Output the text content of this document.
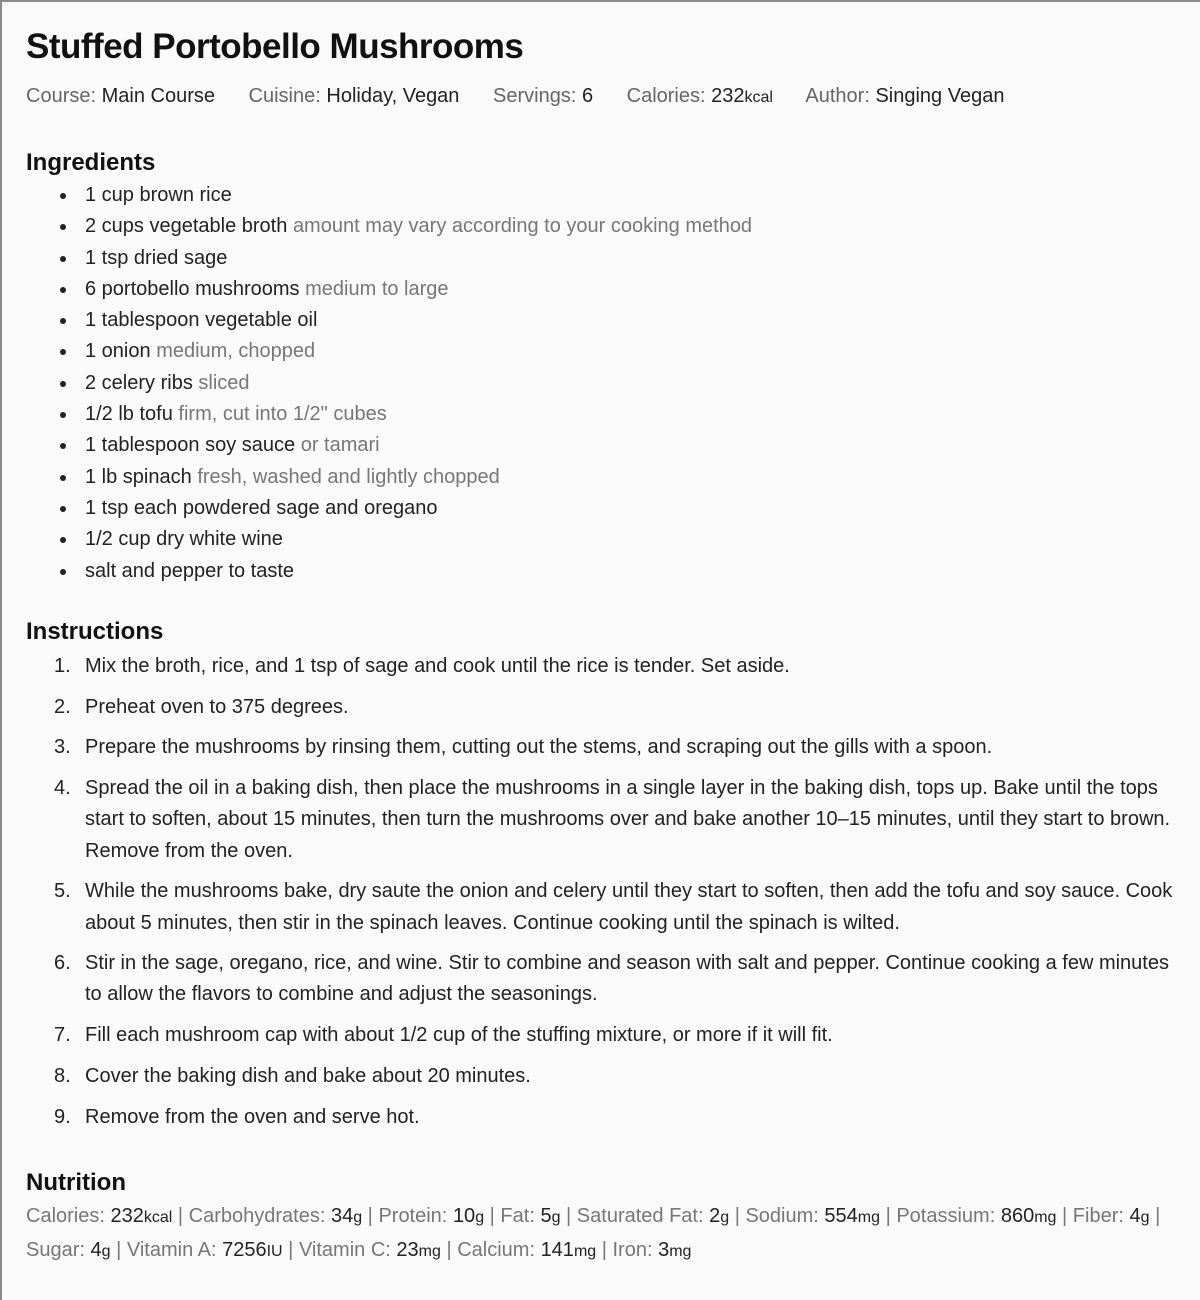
Stuffed Portobello Mushrooms
Course: Main Course Cuisine: Holiday, Vegan Servings: 6 Calories: 232kcal Author: Singing Vegan
Ingredients
1 cup brown rice
2 cups vegetable broth amount may vary according to your cooking method
1 tsp dried sage
6 portobello mushrooms medium to large
1 tablespoon vegetable oil
1 onion medium, chopped
2 celery ribs sliced
1/2 lb tofu firm, cut into 1/2" cubes
1 tablespoon soy sauce or tamari
1 lb spinach fresh, washed and lightly chopped
1 tsp each powdered sage and oregano
1/2 cup dry white wine
salt and pepper to taste
Instructions
1. Mix the broth, rice, and 1 tsp of sage and cook until the rice is tender. Set aside.
2. Preheat oven to 375 degrees.
3. Prepare the mushrooms by rinsing them, cutting out the stems, and scraping out the gills with a spoon.
4. Spread the oil in a baking dish, then place the mushrooms in a single layer in the baking dish, tops up. Bake until the tops start to soften, about 15 minutes, then turn the mushrooms over and bake another 10–15 minutes, until they start to brown. Remove from the oven.
5. While the mushrooms bake, dry saute the onion and celery until they start to soften, then add the tofu and soy sauce. Cook about 5 minutes, then stir in the spinach leaves. Continue cooking until the spinach is wilted.
6. Stir in the sage, oregano, rice, and wine. Stir to combine and season with salt and pepper. Continue cooking a few minutes to allow the flavors to combine and adjust the seasonings.
7. Fill each mushroom cap with about 1/2 cup of the stuffing mixture, or more if it will fit.
8. Cover the baking dish and bake about 20 minutes.
9. Remove from the oven and serve hot.
Nutrition
Calories: 232kcal | Carbohydrates: 34g | Protein: 10g | Fat: 5g | Saturated Fat: 2g | Sodium: 554mg | Potassium: 860mg | Fiber: 4g | Sugar: 4g | Vitamin A: 7256IU | Vitamin C: 23mg | Calcium: 141mg | Iron: 3mg
